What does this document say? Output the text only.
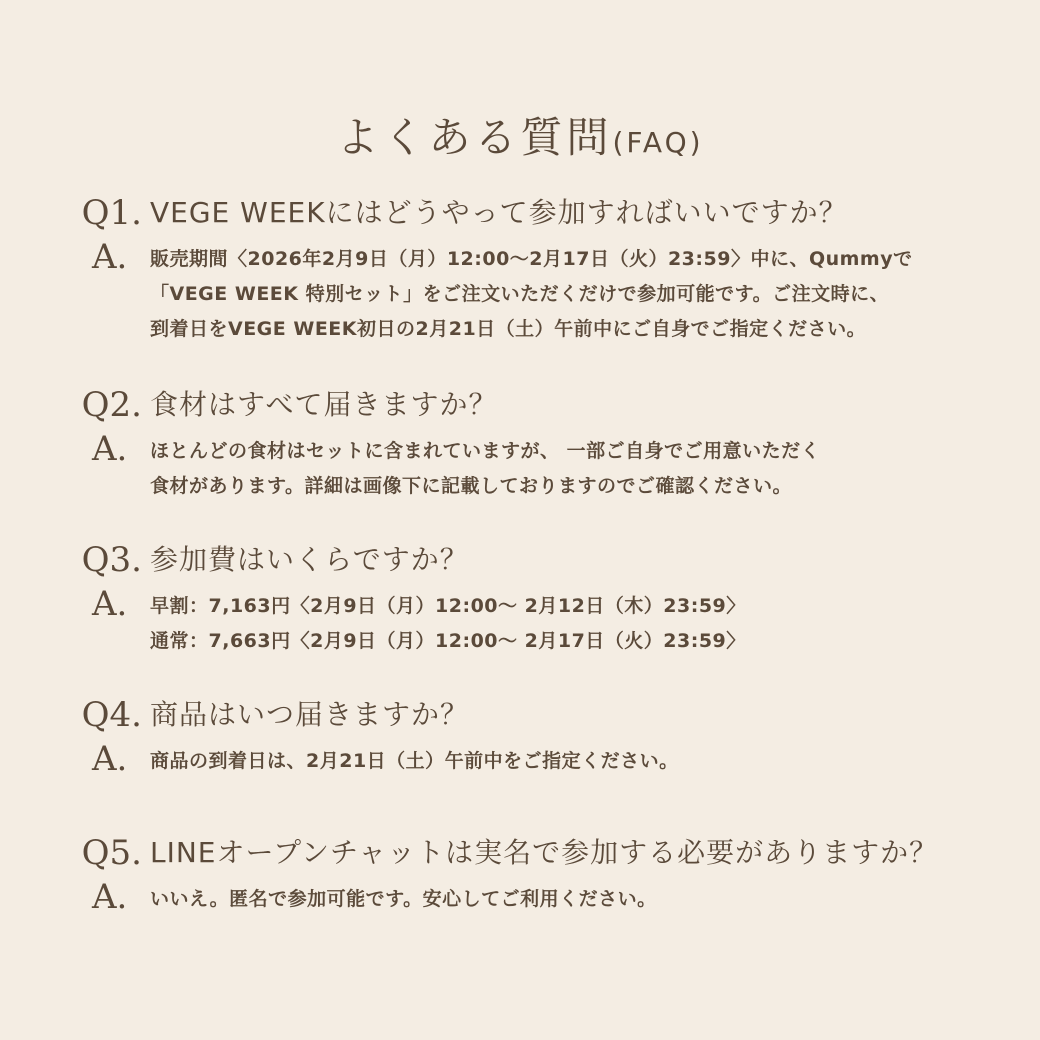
よくある質問(FAQ)
Q1. VEGE WEEKにはどうやって参加すればいいですか？
A. 販売期間〈2026年2月9日（月）12:00〜2月17日（火）23:59〉中に、Qummyで
「VEGE WEEK 特別セット」をご注文いただくだけで参加可能です。ご注文時に、
到着日をVEGE WEEK初日の2月21日（土）午前中にご自身でご指定ください。
Q2. 食材はすべて届きますか？
A. ほとんどの食材はセットに含まれていますが、 一部ご自身でご用意いただく
食材があります。詳細は画像下に記載しておりますのでご確認ください。
Q3. 参加費はいくらですか？
A. 早割：7,163円〈2月9日（月）12:00〜 2月12日（木）23:59〉
通常：7,663円〈2月9日（月）12:00〜 2月17日（火）23:59〉
Q4. 商品はいつ届きますか？
A. 商品の到着日は、2月21日（土）午前中をご指定ください。
Q5. LINEオープンチャットは実名で参加する必要がありますか？
A. いいえ。匿名で参加可能です。安心してご利用ください。
